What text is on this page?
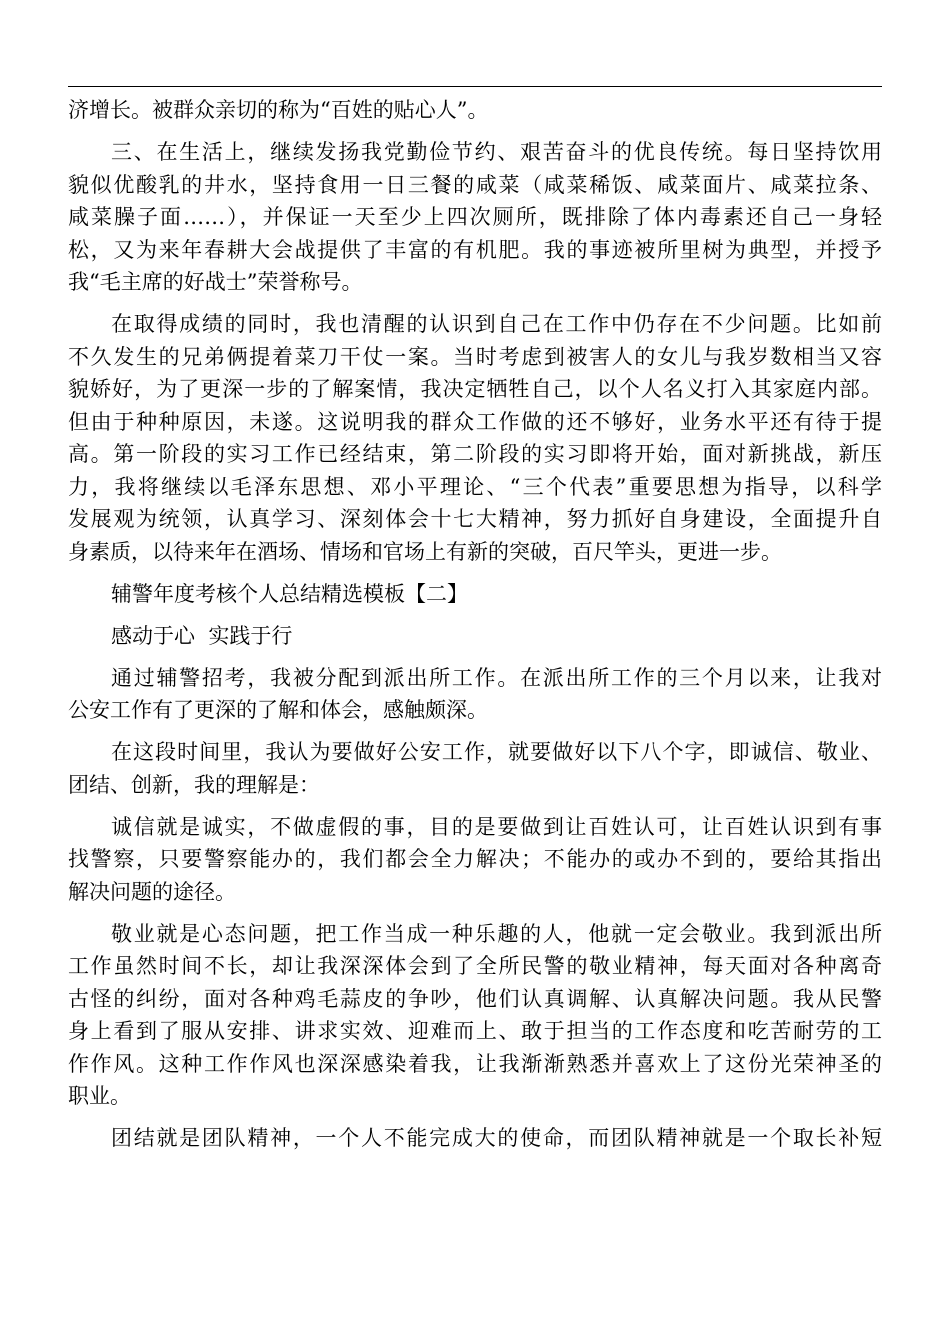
济增长。被群众亲切的称为“百姓的贴心人”。
三、在生活上，继续发扬我党勤俭节约、艰苦奋斗的优良传统。每日坚持饮用
貌似优酸乳的井水，坚持食用一日三餐的咸菜（咸菜稀饭、咸菜面片、咸菜拉条、
咸菜臊子面……），并保证一天至少上四次厕所，既排除了体内毒素还自己一身轻
松，又为来年春耕大会战提供了丰富的有机肥。我的事迹被所里树为典型，并授予
我“毛主席的好战士”荣誉称号。
在取得成绩的同时，我也清醒的认识到自己在工作中仍存在不少问题。比如前
不久发生的兄弟俩提着菜刀干仗一案。当时考虑到被害人的女儿与我岁数相当又容
貌娇好，为了更深一步的了解案情，我决定牺牲自己，以个人名义打入其家庭内部。
但由于种种原因，未遂。这说明我的群众工作做的还不够好，业务水平还有待于提
高。第一阶段的实习工作已经结束，第二阶段的实习即将开始，面对新挑战，新压
力，我将继续以毛泽东思想、邓小平理论、“三个代表”重要思想为指导，以科学
发展观为统领，认真学习、深刻体会十七大精神，努力抓好自身建设，全面提升自
身素质，以待来年在酒场、情场和官场上有新的突破，百尺竿头，更进一步。
辅警年度考核个人总结精选模板【二】
感动于心  实践于行
通过辅警招考，我被分配到派出所工作。在派出所工作的三个月以来，让我对
公安工作有了更深的了解和体会，感触颇深。
在这段时间里，我认为要做好公安工作，就要做好以下八个字，即诚信、敬业、
团结、创新，我的理解是：
诚信就是诚实，不做虚假的事，目的是要做到让百姓认可，让百姓认识到有事
找警察，只要警察能办的，我们都会全力解决；不能办的或办不到的，要给其指出
解决问题的途径。
敬业就是心态问题，把工作当成一种乐趣的人，他就一定会敬业。我到派出所
工作虽然时间不长，却让我深深体会到了全所民警的敬业精神，每天面对各种离奇
古怪的纠纷，面对各种鸡毛蒜皮的争吵，他们认真调解、认真解决问题。我从民警
身上看到了服从安排、讲求实效、迎难而上、敢于担当的工作态度和吃苦耐劳的工
作作风。这种工作作风也深深感染着我，让我渐渐熟悉并喜欢上了这份光荣神圣的
职业。
团结就是团队精神，一个人不能完成大的使命，而团队精神就是一个取长补短
